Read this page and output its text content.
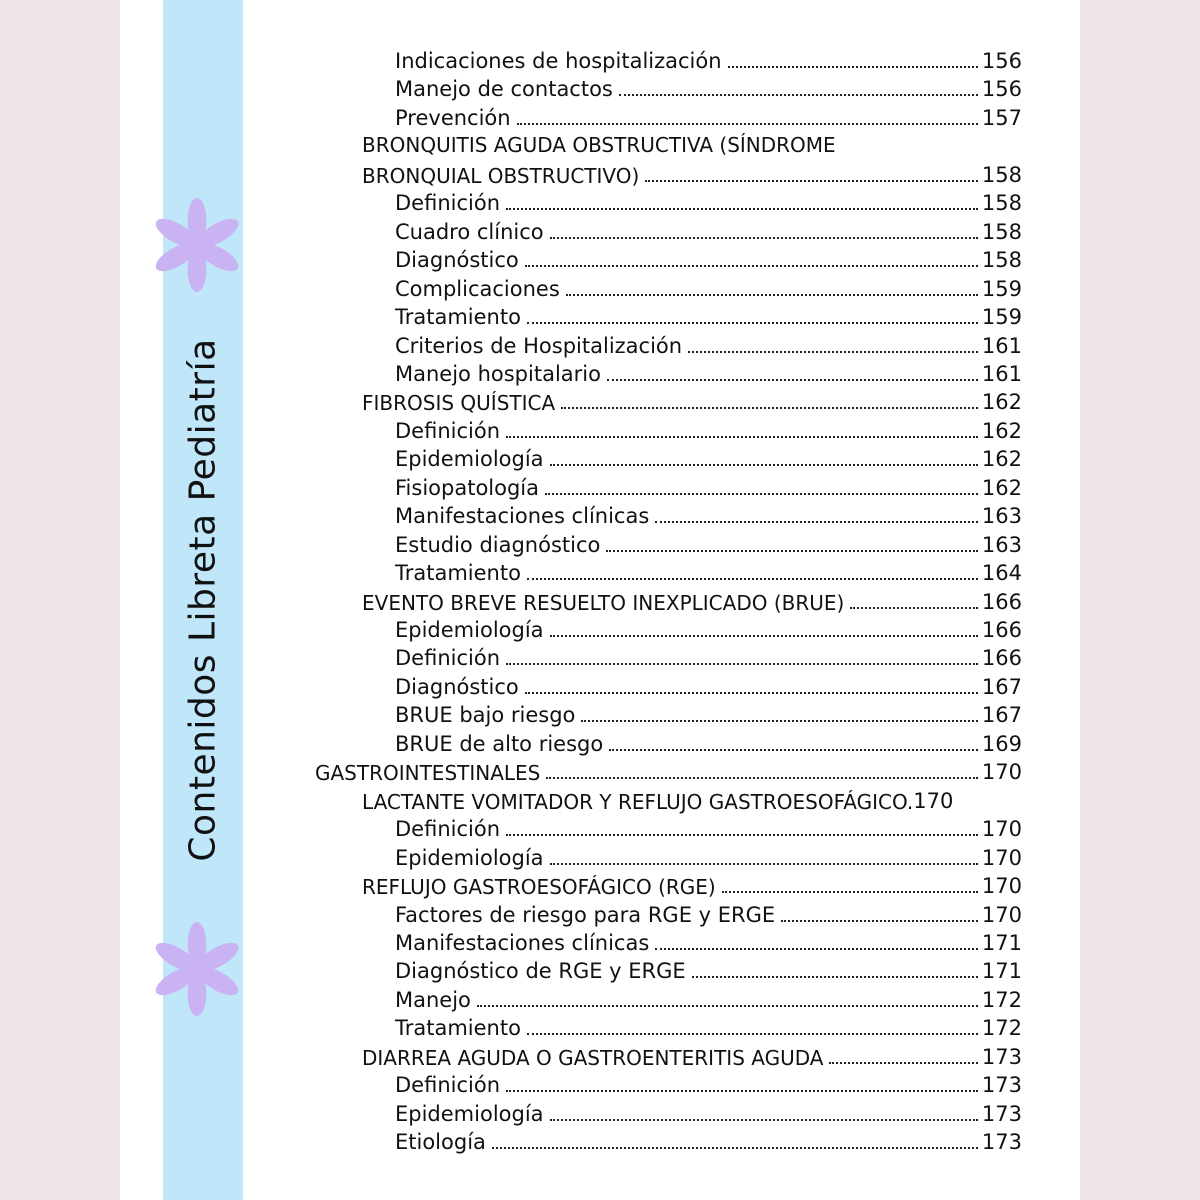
Contenidos Libreta Pediatría
Indicaciones de hospitalización	156
Manejo de contactos	156
Prevención	157
BRONQUITIS AGUDA OBSTRUCTIVA (SÍNDROME
BRONQUIAL OBSTRUCTIVO)	158
Definición	158
Cuadro clínico	158
Diagnóstico	158
Complicaciones	159
Tratamiento	159
Criterios de Hospitalización	161
Manejo hospitalario	161
FIBROSIS QUÍSTICA	162
Definición	162
Epidemiología	162
Fisiopatología	162
Manifestaciones clínicas	163
Estudio diagnóstico	163
Tratamiento	164
EVENTO BREVE RESUELTO INEXPLICADO (BRUE)	166
Epidemiología	166
Definición	166
Diagnóstico	167
BRUE bajo riesgo	167
BRUE de alto riesgo	169
GASTROINTESTINALES	170
LACTANTE VOMITADOR Y REFLUJO GASTROESOFÁGICO. 170
Definición	170
Epidemiología	170
REFLUJO GASTROESOFÁGICO (RGE)	170
Factores de riesgo para RGE y ERGE	170
Manifestaciones clínicas	171
Diagnóstico de RGE y ERGE	171
Manejo	172
Tratamiento	172
DIARREA AGUDA O GASTROENTERITIS AGUDA	173
Definición	173
Epidemiología	173
Etiología	173
